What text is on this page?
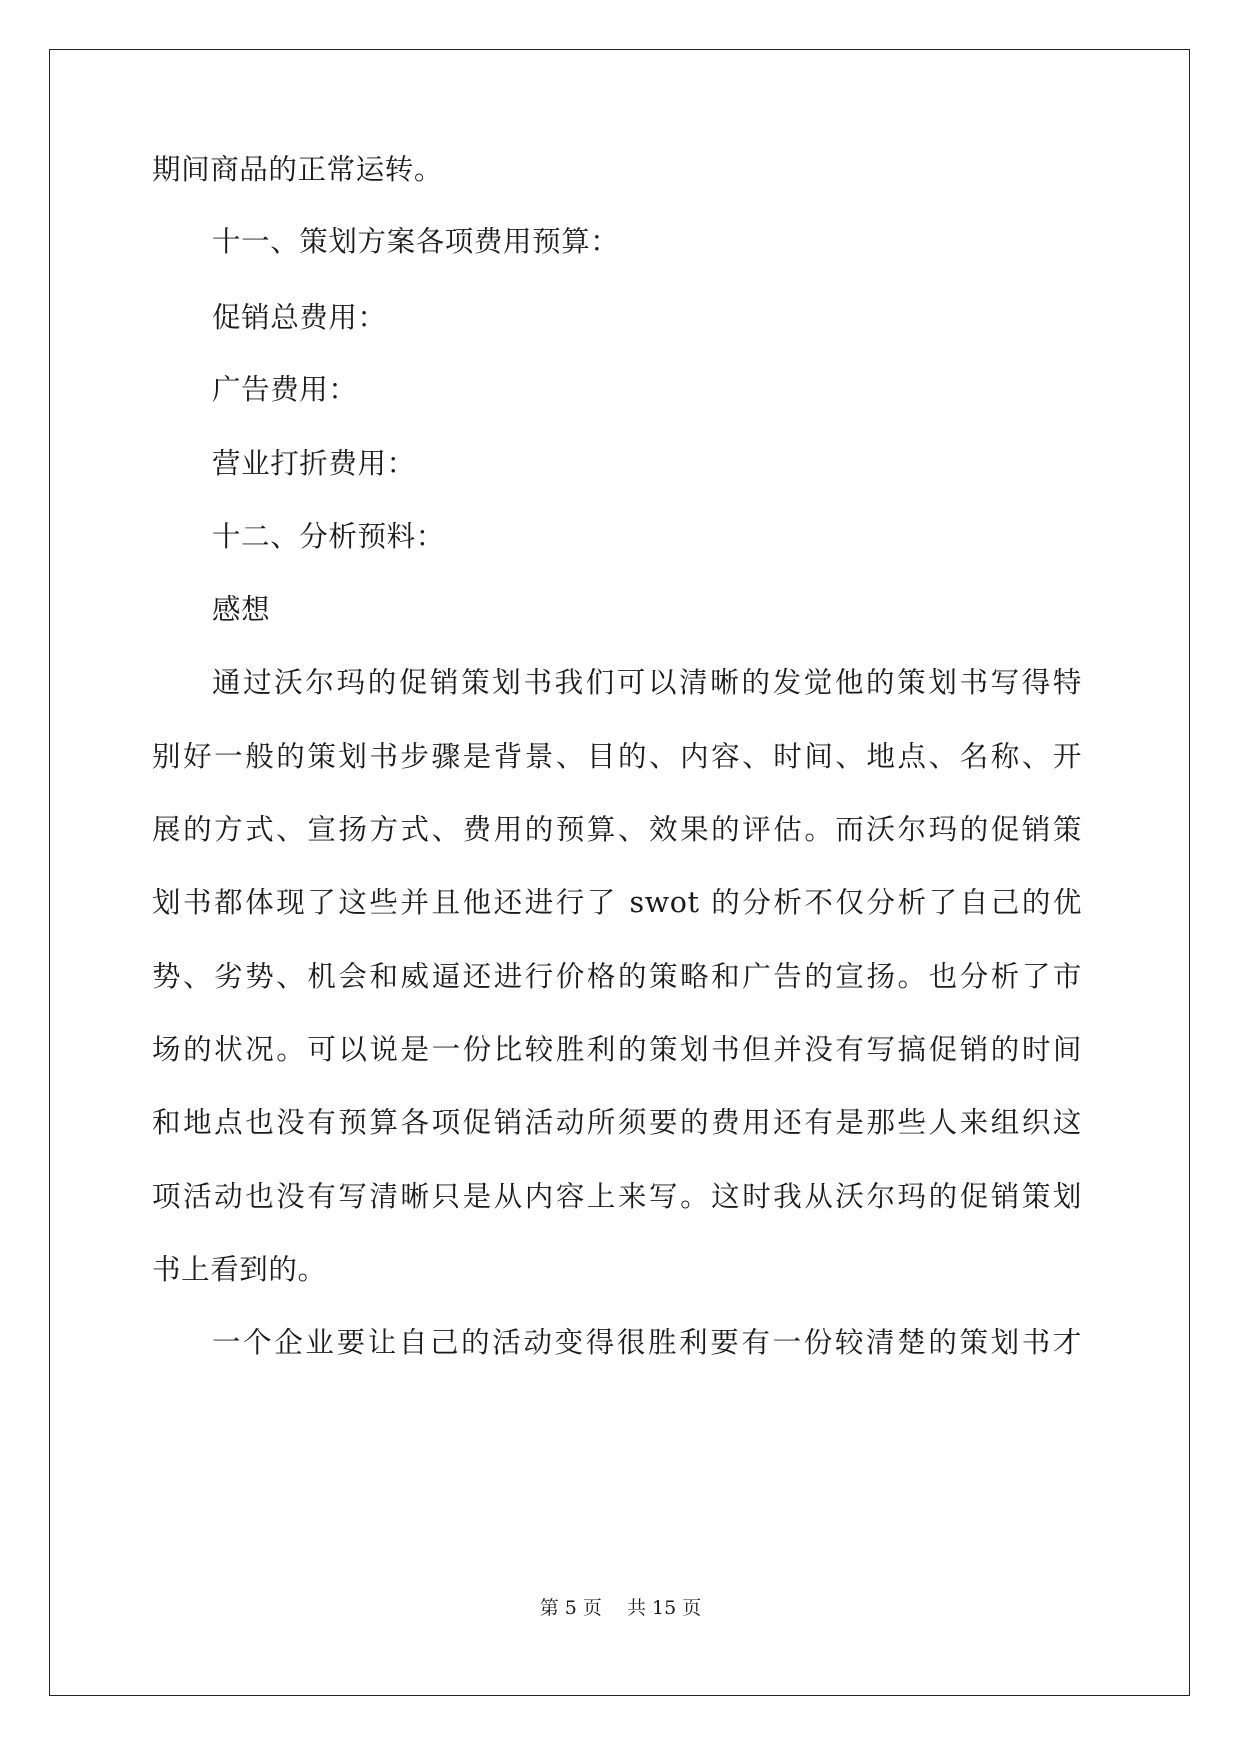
期间商品的正常运转。
十一、策划方案各项费用预算：
促销总费用：
广告费用：
营业打折费用：
十二、分析预料：
感想
通过沃尔玛的促销策划书我们可以清晰的发觉他的策划书写得特
别好一般的策划书步骤是背景、目的、内容、时间、地点、名称、开
展的方式、宣扬方式、费用的预算、效果的评估。而沃尔玛的促销策
划书都体现了这些并且他还进行了 swot 的分析不仅分析了自己的优
势、劣势、机会和威逼还进行价格的策略和广告的宣扬。也分析了市
场的状况。可以说是一份比较胜利的策划书但并没有写搞促销的时间
和地点也没有预算各项促销活动所须要的费用还有是那些人来组织这
项活动也没有写清晰只是从内容上来写。这时我从沃尔玛的促销策划
书上看到的。
一个企业要让自己的活动变得很胜利要有一份较清楚的策划书才
第 5 页　 共 15 页
